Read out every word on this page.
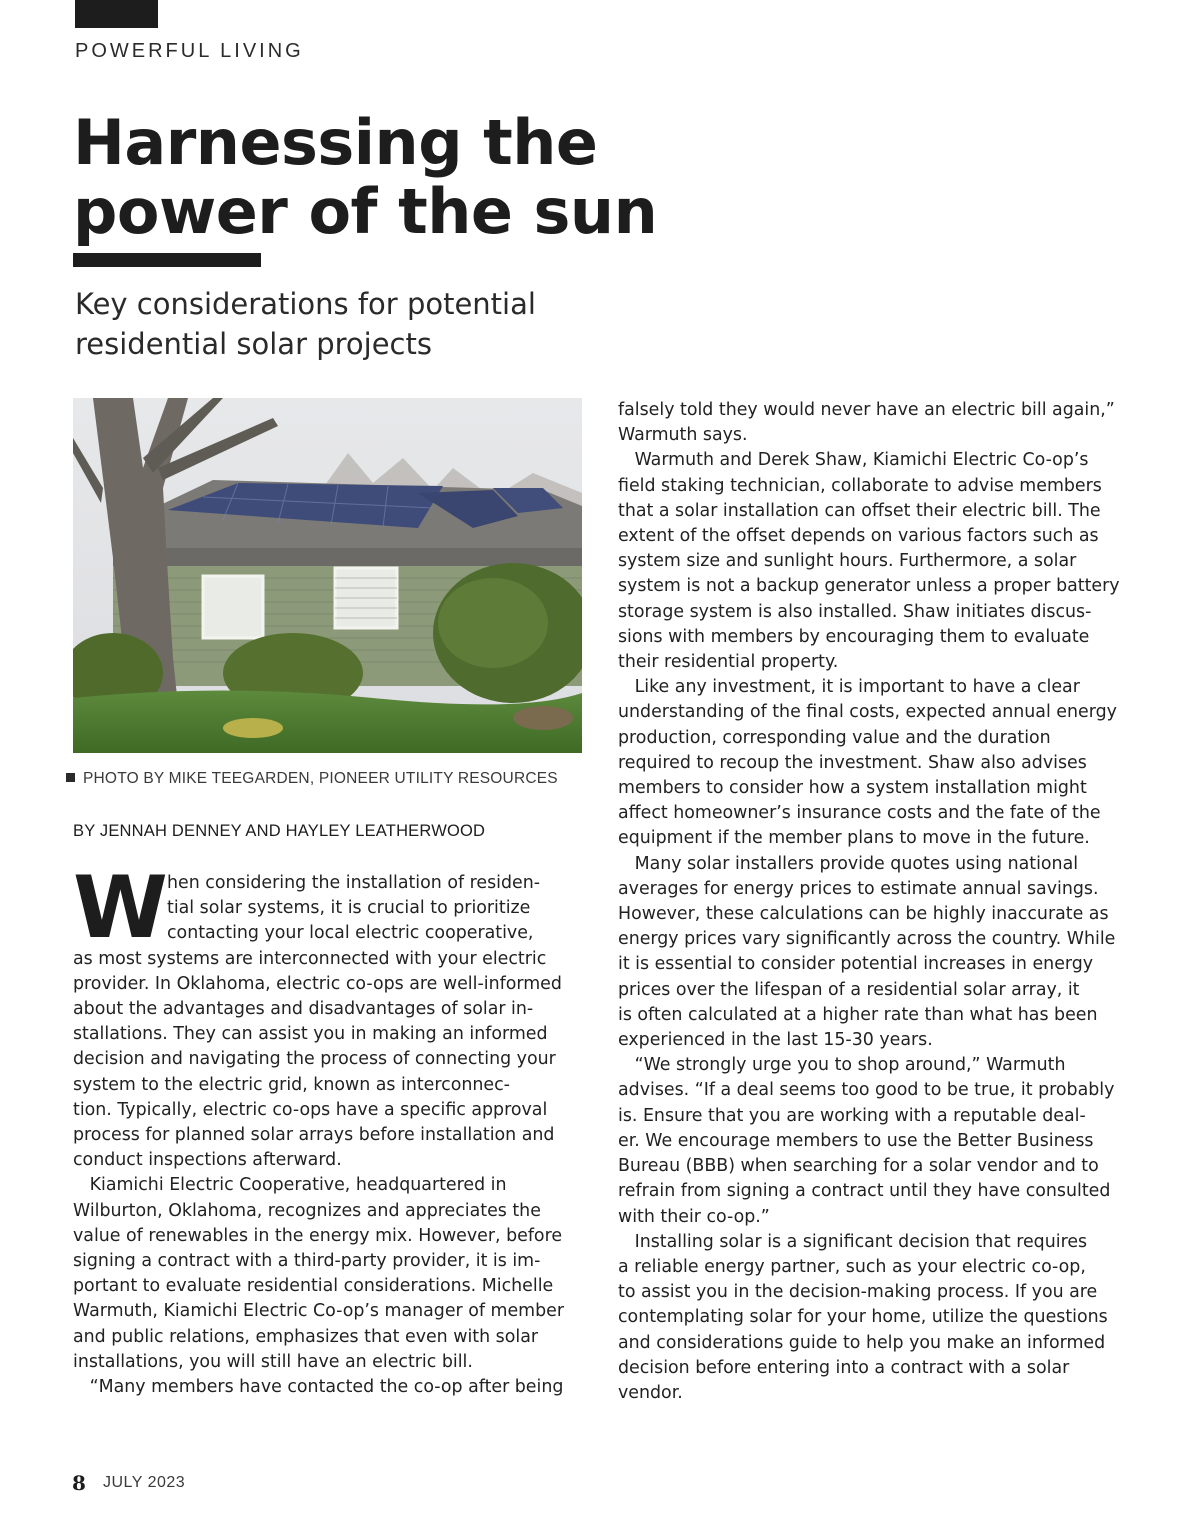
POWERFUL LIVING
Harnessing the
power of the sun
Key considerations for potential
residential solar projects
PHOTO BY MIKE TEEGARDEN, PIONEER UTILITY RESOURCES
BY JENNAH DENNEY AND HAYLEY LEATHERWOOD
W hen considering the installation of residen-
tial solar systems, it is crucial to prioritize
contacting your local electric cooperative,
as most systems are interconnected with your electric
provider. In Oklahoma, electric co-ops are well-informed
about the advantages and disadvantages of solar in-
stallations. They can assist you in making an informed
decision and navigating the process of connecting your
system to the electric grid, known as interconnec-
tion. Typically, electric co-ops have a specific approval
process for planned solar arrays before installation and
conduct inspections afterward.
Kiamichi Electric Cooperative, headquartered in
Wilburton, Oklahoma, recognizes and appreciates the
value of renewables in the energy mix. However, before
signing a contract with a third-party provider, it is im-
portant to evaluate residential considerations. Michelle
Warmuth, Kiamichi Electric Co-op’s manager of member
and public relations, emphasizes that even with solar
installations, you will still have an electric bill.
“Many members have contacted the co-op after being
falsely told they would never have an electric bill again,”
Warmuth says.
Warmuth and Derek Shaw, Kiamichi Electric Co-op’s
field staking technician, collaborate to advise members
that a solar installation can offset their electric bill. The
extent of the offset depends on various factors such as
system size and sunlight hours. Furthermore, a solar
system is not a backup generator unless a proper battery
storage system is also installed. Shaw initiates discus-
sions with members by encouraging them to evaluate
their residential property.
Like any investment, it is important to have a clear
understanding of the final costs, expected annual energy
production, corresponding value and the duration
required to recoup the investment. Shaw also advises
members to consider how a system installation might
affect homeowner’s insurance costs and the fate of the
equipment if the member plans to move in the future.
Many solar installers provide quotes using national
averages for energy prices to estimate annual savings.
However, these calculations can be highly inaccurate as
energy prices vary significantly across the country. While
it is essential to consider potential increases in energy
prices over the lifespan of a residential solar array, it
is often calculated at a higher rate than what has been
experienced in the last 15-30 years.
“We strongly urge you to shop around,” Warmuth
advises. “If a deal seems too good to be true, it probably
is. Ensure that you are working with a reputable deal-
er. We encourage members to use the Better Business
Bureau (BBB) when searching for a solar vendor and to
refrain from signing a contract until they have consulted
with their co-op.”
Installing solar is a significant decision that requires
a reliable energy partner, such as your electric co-op,
to assist you in the decision-making process. If you are
contemplating solar for your home, utilize the questions
and considerations guide to help you make an informed
decision before entering into a contract with a solar
vendor.
8 JULY 2023
